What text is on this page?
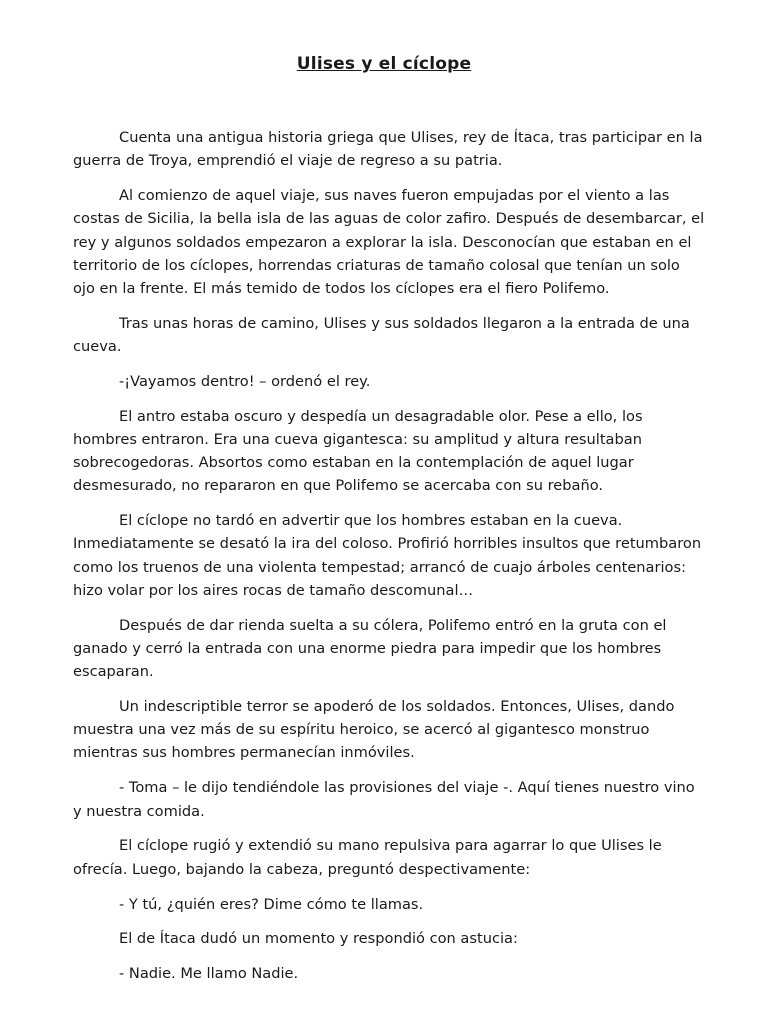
Ulises y el cíclope

Cuenta una antigua historia griega que Ulises, rey de Ítaca, tras participar en la guerra de Troya, emprendió el viaje de regreso a su patria.

Al comienzo de aquel viaje, sus naves fueron empujadas por el viento a las costas de Sicilia, la bella isla de las aguas de color zafiro. Después de desembarcar, el rey y algunos soldados empezaron a explorar la isla. Desconocían que estaban en el territorio de los cíclopes, horrendas criaturas de tamaño colosal que tenían un solo ojo en la frente. El más temido de todos los cíclopes era el fiero Polifemo.

Tras unas horas de camino, Ulises y sus soldados llegaron a la entrada de una cueva.

-¡Vayamos dentro! – ordenó el rey.

El antro estaba oscuro y despedía un desagradable olor. Pese a ello, los hombres entraron. Era una cueva gigantesca: su amplitud y altura resultaban sobrecogedoras. Absortos como estaban en la contemplación de aquel lugar desmesurado, no repararon en que Polifemo se acercaba con su rebaño.

El cíclope no tardó en advertir que los hombres estaban en la cueva. Inmediatamente se desató la ira del coloso. Profirió horribles insultos que retumbaron como los truenos de una violenta tempestad; arrancó de cuajo árboles centenarios: hizo volar por los aires rocas de tamaño descomunal…

Después de dar rienda suelta a su cólera, Polifemo entró en la gruta con el ganado y cerró la entrada con una enorme piedra para impedir que los hombres escaparan.

Un indescriptible terror se apoderó de los soldados. Entonces, Ulises, dando muestra una vez más de su espíritu heroico, se acercó al gigantesco monstruo mientras sus hombres permanecían inmóviles.

- Toma – le dijo tendiéndole las provisiones del viaje -. Aquí tienes nuestro vino y nuestra comida.

El cíclope rugió y extendió su mano repulsiva para agarrar lo que Ulises le ofrecía. Luego, bajando la cabeza, preguntó despectivamente:

- Y tú, ¿quién eres? Dime cómo te llamas.

El de Ítaca dudó un momento y respondió con astucia:

- Nadie. Me llamo Nadie.
